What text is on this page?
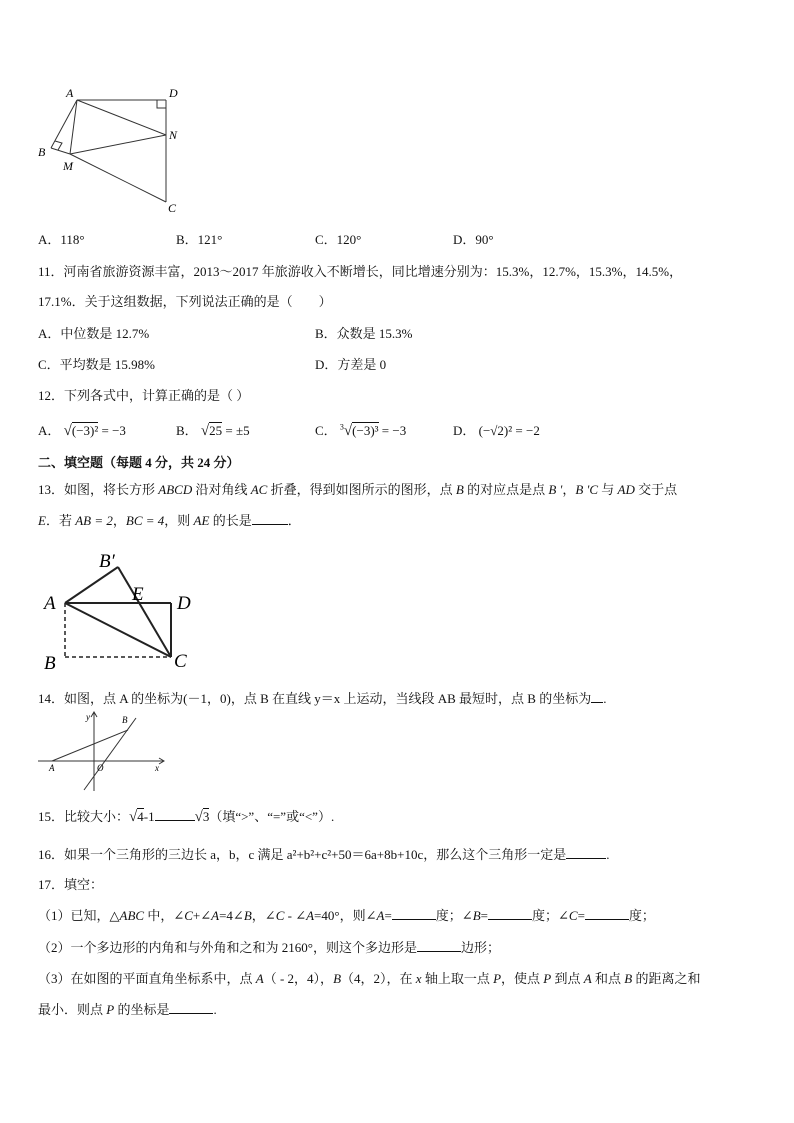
A	D
N
B
M
C
A．118°	B．121°	C．120°	D．90°
11．河南省旅游资源丰富，2013～2017 年旅游收入不断增长，同比增速分别为：15.3%，12.7%，15.3%，14.5%，
17.1%．关于这组数据，下列说法正确的是（　　）
A．中位数是 12.7%	B．众数是 15.3%
C．平均数是 15.98%	D．方差是 0
12．下列各式中，计算正确的是（ ）
A． √(−3)² = −3	B． √25 = ±5	C． $^3$√(−3)³ = −3	D． (−√2)² = −2
二、填空题（每题 4 分，共 24 分）
13．如图，将长方形 ABCD 沿对角线 AC 折叠，得到如图所示的图形，点 B 的对应点是点 B '，B 'C 与 AD 交于点
E．若 AB = 2，BC = 4，则 AE 的长是	．
B′
E
A	D
B	C
14．如图，点 A 的坐标为(－1，0)，点 B 在直线 y＝x 上运动，当线段 AB 最短时，点 B 的坐标为 .
y	B
A	O	x
15．比较大小：√4-1	√3（填“>”、“=”或“<”）.
16．如果一个三角形的三边长 a，b，c 满足 a²+b²+c²+50＝6a+8b+10c，那么这个三角形一定是	.
17．填空：
（1）已知，△ABC 中，∠C+∠A=4∠B，∠C - ∠A=40°，则∠A=	度；∠B=	度；∠C=	度；
（2）一个多边形的内角和与外角和之和为 2160°，则这个多边形是	边形；
（3）在如图的平面直角坐标系中，点 A（ - 2，4），B（4，2），在 x 轴上取一点 P，使点 P 到点 A 和点 B 的距离之和
最小．则点 P 的坐标是	.
